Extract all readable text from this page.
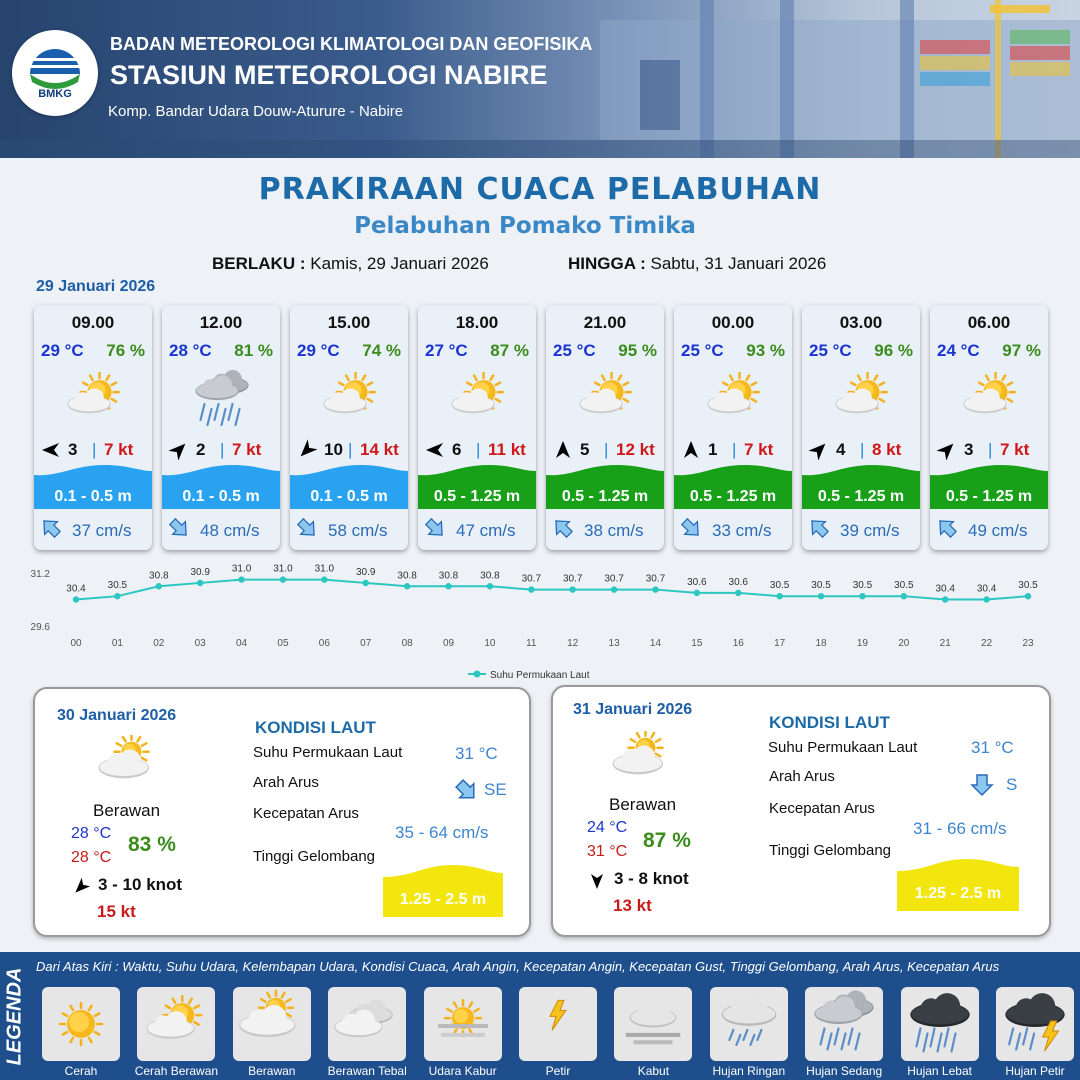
BMKG
BADAN METEOROLOGI KLIMATOLOGI DAN GEOFISIKA
STASIUN METEOROLOGI NABIRE
Komp. Bandar Udara Douw-Aturure - Nabire
PRAKIRAAN CUACA PELABUHAN
Pelabuhan Pomako Timika
BERLAKU : Kamis, 29 Januari 2026	HINGGA : Sabtu, 31 Januari 2026
29 Januari 2026
09.00
29 °C 76 %
3 | 7 kt
0.1 - 0.5 m
37 cm/s
12.00
28 °C 81 %
2 | 7 kt
0.1 - 0.5 m
48 cm/s
15.00
29 °C 74 %
10 | 14 kt
0.1 - 0.5 m
58 cm/s
18.00
27 °C 87 %
6 | 11 kt
0.5 - 1.25 m
47 cm/s
21.00
25 °C 95 %
5 | 12 kt
0.5 - 1.25 m
38 cm/s
00.00
25 °C 93 %
1 | 7 kt
0.5 - 1.25 m
33 cm/s
03.00
25 °C 96 %
4 | 8 kt
0.5 - 1.25 m
39 cm/s
06.00
24 °C 97 %
3 | 7 kt
0.5 - 1.25 m
49 cm/s
31.2
29.6
30.4
00
30.5
01
30.8
02
30.9
03
31.0
04
31.0
05
31.0
06
30.9
07
30.8
08
30.8
09
30.8
10
30.7
11
30.7
12
30.7
13
30.7
14
30.6
15
30.6
16
30.5
17
30.5
18
30.5
19
30.5
20
30.4
21
30.4
22
30.5
23
Suhu Permukaan Laut
30 Januari 2026
Berawan
28 °C
28 °C
83 %
3 - 10 knot
15 kt
KONDISI LAUT
Suhu Permukaan Laut	31 °C
Arah Arus	SE
Kecepatan Arus
35 - 64 cm/s
Tinggi Gelombang
1.25 - 2.5 m
31 Januari 2026
Berawan
24 °C
31 °C 87 %
3 - 8 knot
13 kt
KONDISI LAUT
Suhu Permukaan Laut	31 °C
Arah Arus	S
Kecepatan Arus
31 - 66 cm/s
Tinggi Gelombang
1.25 - 2.5 m
LEGENDA
Dari Atas Kiri : Waktu, Suhu Udara, Kelembapan Udara, Kondisi Cuaca, Arah Angin, Kecepatan Angin, Kecepatan Gust, Tinggi Gelombang, Arah Arus, Kecepatan Arus
Cerah	Cerah Berawan	Berawan	Berawan Tebal	Udara Kabur	Petir	Kabut	Hujan Ringan	Hujan Sedang	Hujan Lebat	Hujan Petir
